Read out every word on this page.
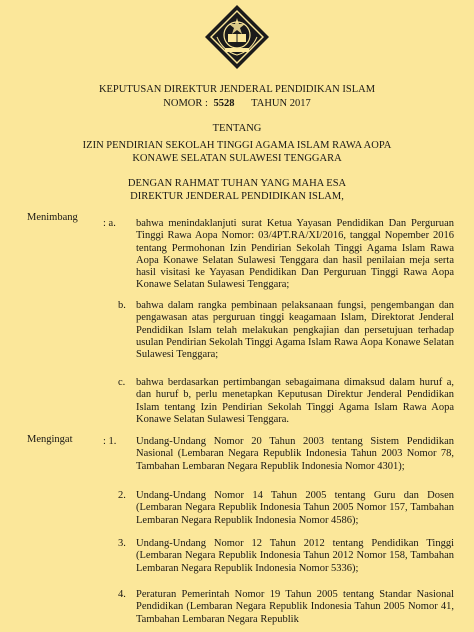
KEPUTUSAN DIREKTUR JENDERAL PENDIDIKAN ISLAM
NOMOR : 5528 TAHUN 2017
TENTANG
IZIN PENDIRIAN SEKOLAH TINGGI AGAMA ISLAM RAWA AOPA
KONAWE SELATAN SULAWESI TENGGARA
DENGAN RAHMAT TUHAN YANG MAHA ESA
DIREKTUR JENDERAL PENDIDIKAN ISLAM,
Menimbang
: a. bahwa menindaklanjuti surat Ketua Yayasan Pendidikan Dan Perguruan Tinggi Rawa Aopa Nomor: 03/4PT.RA/XI/2016, tanggal Nopember 2016 tentang Permohonan Izin Pendirian Sekolah Tinggi Agama Islam Rawa Aopa Konawe Selatan Sulawesi Tenggara dan hasil penilaian meja serta hasil visitasi ke Yayasan Pendidikan Dan Perguruan Tinggi Rawa Aopa Konawe Selatan Sulawesi Tenggara;
b. bahwa dalam rangka pembinaan pelaksanaan fungsi, pengembangan dan pengawasan atas perguruan tinggi keagamaan Islam, Direktorat Jenderal Pendidikan Islam telah melakukan pengkajian dan persetujuan terhadap usulan Pendirian Sekolah Tinggi Agama Islam Rawa Aopa Konawe Selatan Sulawesi Tenggara;
c. bahwa berdasarkan pertimbangan sebagaimana dimaksud dalam huruf a, dan huruf b, perlu menetapkan Keputusan Direktur Jenderal Pendidikan Islam tentang Izin Pendirian Sekolah Tinggi Agama Islam Rawa Aopa Konawe Selatan Sulawesi Tenggara.
Mengingat	: 1. Undang-Undang Nomor 20 Tahun 2003 tentang Sistem Pendidikan Nasional (Lembaran Negara Republik Indonesia Tahun 2003 Nomor 78, Tambahan Lembaran Negara Republik Indonesia Nomor 4301);
2. Undang-Undang Nomor 14 Tahun 2005 tentang Guru dan Dosen (Lembaran Negara Republik Indonesia Tahun 2005 Nomor 157, Tambahan Lembaran Negara Republik Indonesia Nomor 4586);
3. Undang-Undang Nomor 12 Tahun 2012 tentang Pendidikan Tinggi (Lembaran Negara Republik Indonesia Tahun 2012 Nomor 158, Tambahan Lembaran Negara Republik Indonesia Nomor 5336);
4. Peraturan Pemerintah Nomor 19 Tahun 2005 tentang Standar Nasional Pendidikan (Lembaran Negara Republik Indonesia Tahun 2005 Nomor 41, Tambahan Lembaran Negara Republik
